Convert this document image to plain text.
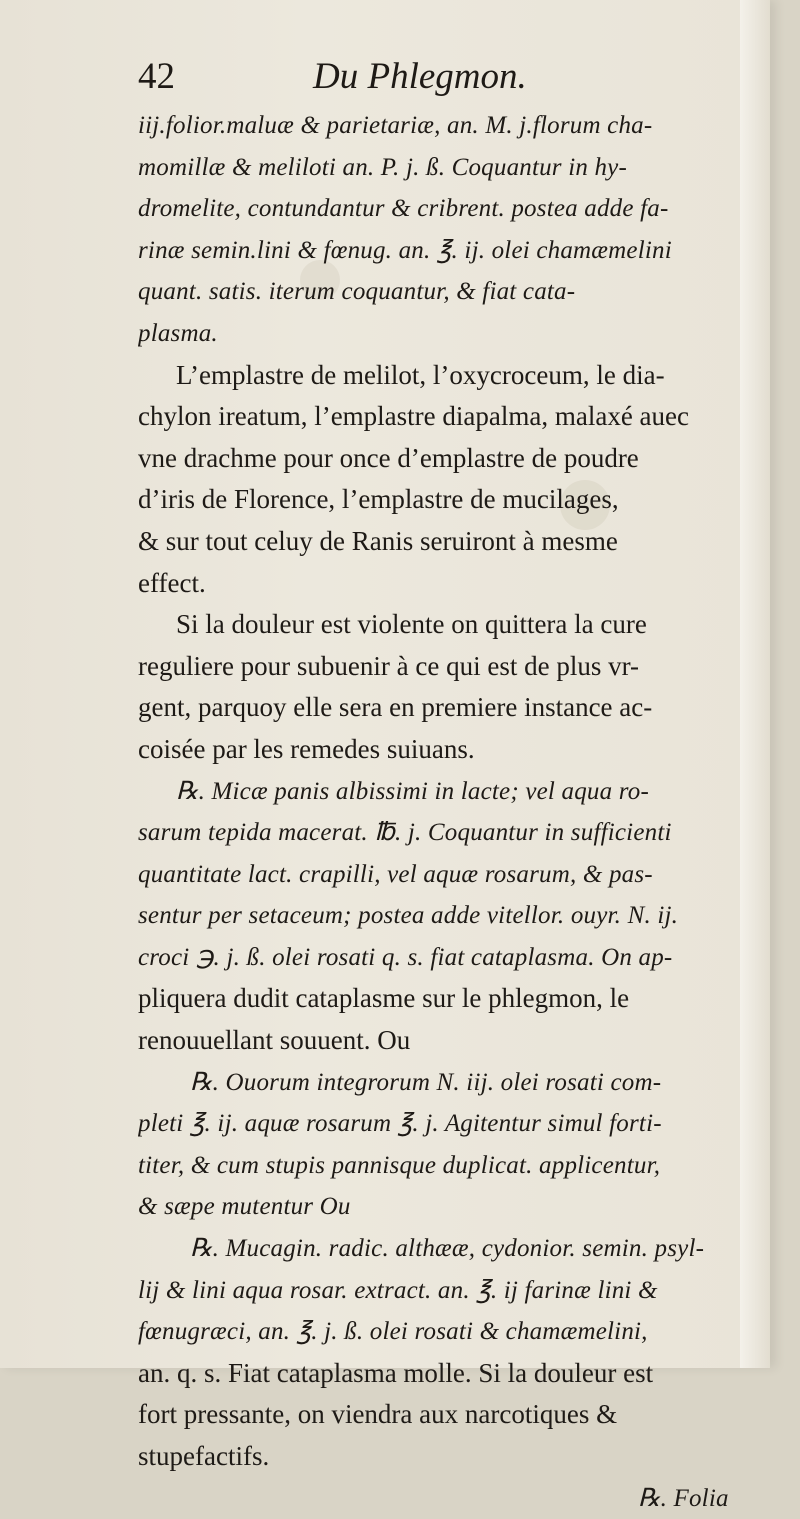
42	Du Phlegmon.
iij.folior.maluæ & parietariæ, an. M. j.florum cha-
momillæ & meliloti an. P. j. ß. Coquantur in hy-
dromelite, contundantur & cribrent. postea adde fa-
rinæ semin.lini & fœnug. an. ℥. ij. olei chamæmelini
quant. satis. iterum coquantur, & fiat cata-
plasma.
L’emplastre de melilot, l’oxycroceum, le dia-
chylon ireatum, l’emplastre diapalma, malaxé auec
vne drachme pour once d’emplastre de poudre
d’iris de Florence, l’emplastre de mucilages,
& sur tout celuy de Ranis seruiront à mesme
effect.
Si la douleur est violente on quittera la cure
reguliere pour subuenir à ce qui est de plus vr-
gent, parquoy elle sera en premiere instance ac-
coisée par les remedes suiuans.
℞. Micæ panis albissimi in lacte; vel aqua ro-
sarum tepida macerat. ℔. j. Coquantur in sufficienti
quantitate lact. crapilli, vel aquæ rosarum, & pas-
sentur per setaceum; postea adde vitellor. ouyr. N. ij.
croci ℈. j. ß. olei rosati q. s. fiat cataplasma. On ap-
pliquera dudit cataplasme sur le phlegmon, le
renouuellant souuent. Ou
℞. Ouorum integrorum N. iij. olei rosati com-
pleti ℥. ij. aquæ rosarum ℥. j. Agitentur simul forti-
titer, & cum stupis pannisque duplicat. applicentur,
& sæpe mutentur Ou
℞. Mucagin. radic. althææ, cydonior. semin. psyl-
lij & lini aqua rosar. extract. an. ℥. ij farinæ lini &
fœnugræci, an. ℥. j. ß. olei rosati & chamæmelini,
an. q. s. Fiat cataplasma molle. Si la douleur est
fort pressante, on viendra aux narcotiques &
stupefactifs.
℞. Folia
